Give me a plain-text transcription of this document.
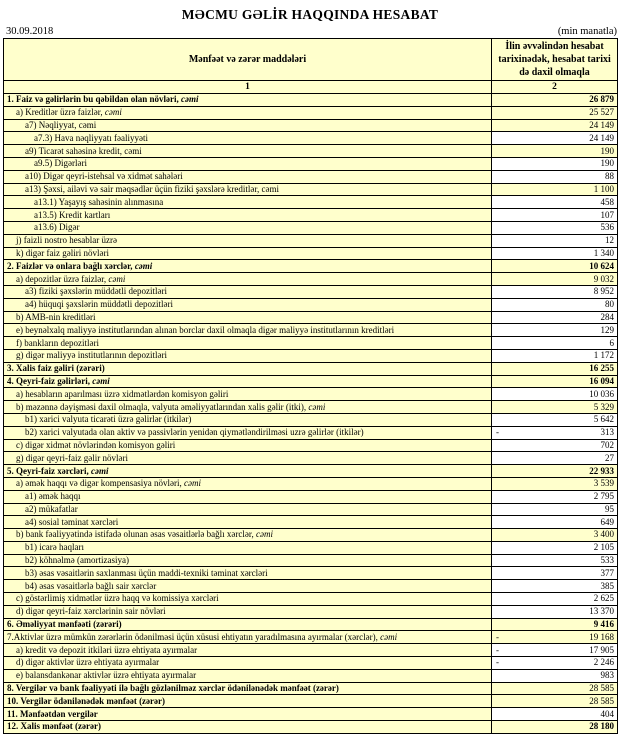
MƏCMU GƏLİR HAQQINDA HESABAT
30.09.2018	(min manatla)
Mənfəət və zərər maddələri	İlin əvvəlindən hesabat tarixinədək, hesabat tarixi də daxil olmaqla
1	2
1. Faiz və gəlirlərin bu qəbildən olan növləri, cəmi	26 879

a) Kreditlər üzrə faizlər, cəmi	25 527

a7) Nəqliyyat, cəmi	24 149

a7.3) Hava nəqliyyatı fəaliyyəti	24 149

a9) Ticarət sahəsinə kredit, cəmi	190

a9.5) Digərləri	190

a10) Digər qeyri-istehsal və xidmət sahələri	88

a13) Şəxsi, ailəvi və sair məqsədlər üçün fiziki şəxslərə kreditlər, cəmi	1 100

a13.1) Yaşayış sahəsinin alınmasına	458

a13.5) Kredit kartları	107

a13.6) Digər	536

j) faizli nostro hesablar üzrə	12

k) digər faiz gəliri növləri	1 340

2. Faizlər və onlara bağlı xərclər, cəmi	10 624

a) depozitlər üzrə faizlər, cəmi	9 032

a3) fiziki şəxslərin müddətli depozitləri	8 952

a4) hüquqi şəxslərin müddətli depozitləri	80

b) AMB-nin kreditləri	284

e) beynəlxalq maliyyə institutlarından alınan borclar daxil olmaqla digər maliyyə institutlarının kreditləri	129

f) bankların depozitləri	6

g) digər maliyyə institutlarının depozitləri	1 172

3. Xalis faiz gəliri (zərəri)	16 255

4. Qeyri-faiz gəlirləri, cəmi	16 094

a) hesabların aparılması üzrə xidmətlərdən komisyon gəliri	10 036

b) məzənnə dəyişməsi daxil olmaqla, valyuta əməliyyatlarından xalis gəlir (itki), cəmi	5 329

b1) xarici valyuta ticarəti üzrə gəlirlər (itkilər)	5 642

b2) xarici valyutada olan aktiv və passivlərin yenidən qiymətləndirilməsi uzrə gəlirlər (itkilər)	- 313

c) digər xidmət növlərindən komisyon gəliri	702

g) digər qeyri-faiz gəlir növləri	27

5. Qeyri-faiz xərcləri, cəmi	22 933

a) əmək haqqı və digər kompensasiya növləri, cəmi	3 539

a1) əmək haqqı	2 795

a2) mükafatlar	95

a4) sosial təminat xərcləri	649

b) bank fəaliyyətində istifadə olunan əsas vəsaitlərlə bağlı xərclər, cəmi	3 400

b1) icarə haqları	2 105

b2) köhnəlmə (amortizasiya)	533

b3) əsas vəsaitlərin saxlanması üçün maddi-texniki təminat xərcləri	377

b4) əsas vəsaitlərlə bağlı sair xərclər	385

c) göstərlimiş xidmətlər üzrə haqq və komissiya xərcləri	2 625

d) digər qeyri-faiz xərclərinin sair növləri	13 370

6. Əməliyyat mənfəəti (zərəri)	9 416

7.Aktivlər üzrə mümkün zərərlərin ödənilməsi üçün xüsusi ehtiyatın yaradılmasına ayırmalar (xərclər), cəmi	- 19 168

a) kredit və depozit itkiləri üzrə ehtiyata ayırmalar	- 17 905

d) digər aktivlər üzrə ehtiyata ayırmalar	- 2 246

e) balansdankənar aktivlər üzrə ehtiyata ayırmalar	983

8. Vergilər və bank fəaliyyəti ilə bağlı gözlənilməz xərclər ödənilənədək mənfəət (zərər)	28 585

10. Vergilər ödənilənədək mənfəət (zərər)	28 585

11. Mənfəətdən vergilər	404

12. Xalis mənfəət (zərər)	28 180
